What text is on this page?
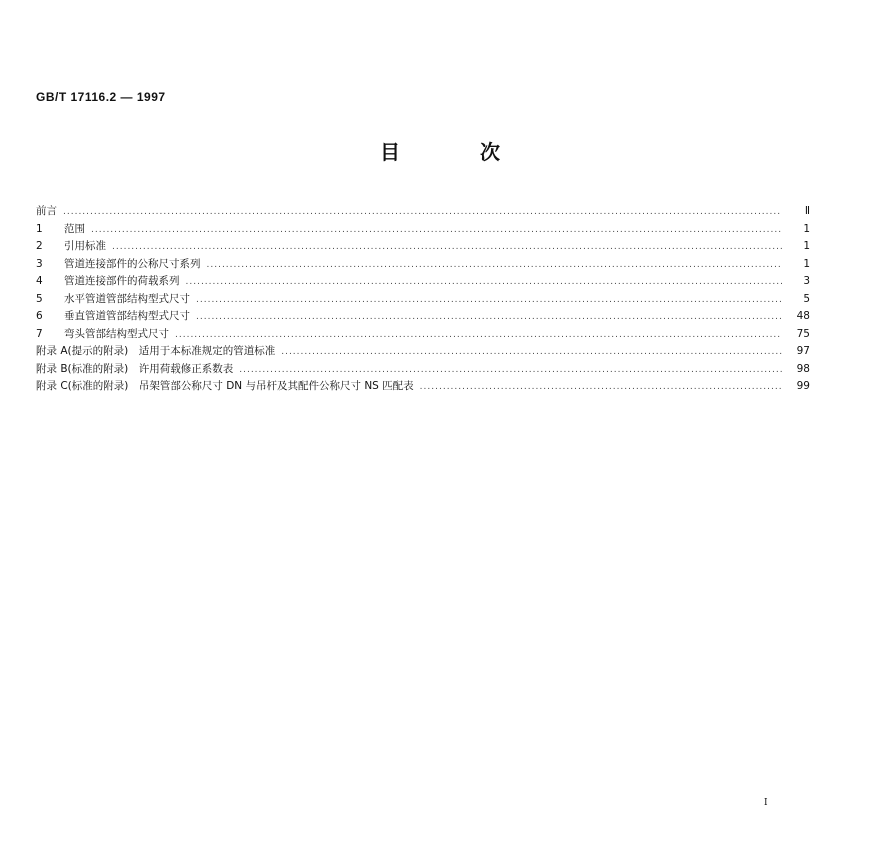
GB/T 17116.2 — 1997
目	次
前言 .....	Ⅱ
1	范围 .....	1
2	引用标准 .....	1
3	管道连接部件的公称尺寸系列 .....	1
4	管道连接部件的荷载系列 .....	3
5	水平管道管部结构型式尺寸 .....	5
6	垂直管道管部结构型式尺寸 .....	48
7	弯头管部结构型式尺寸 .....	75
附录 A(提示的附录)　适用于本标准规定的管道标准 .....	97
附录 B(标准的附录)　许用荷载修正系数表 .....	98
附录 C(标准的附录)　吊架管部公称尺寸 DN 与吊杆及其配件公称尺寸 NS 匹配表 .....	99
I
